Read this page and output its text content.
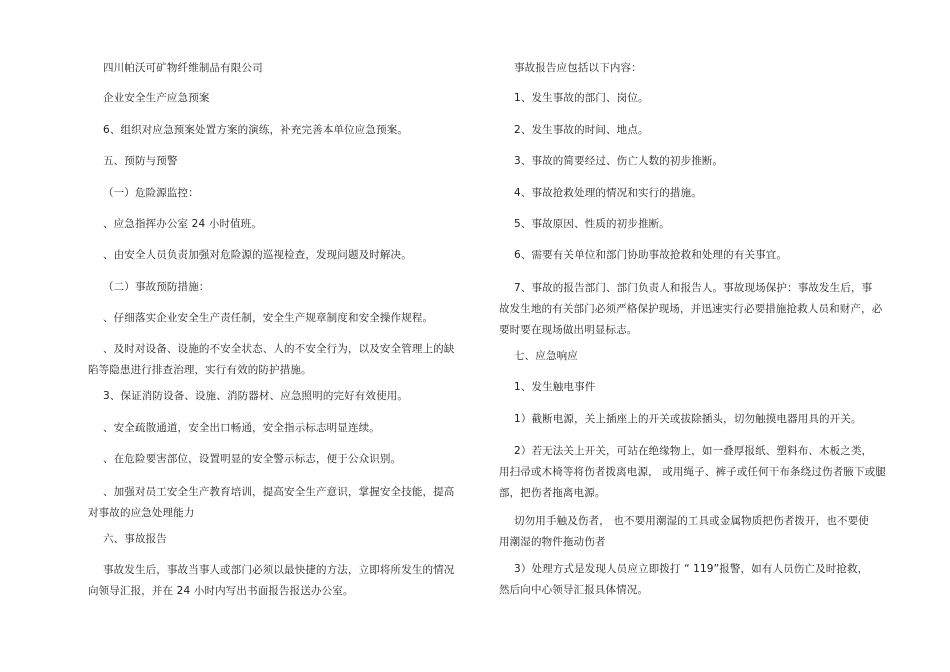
四川帕沃可矿物纤维制品有限公司
企业安全生产应急预案
6、组织对应急预案处置方案的演练，补充完善本单位应急预案。
五、预防与预警
（一）危险源监控：
、应急指挥办公室 24 小时值班。
、由安全人员负责加强对危险源的巡视检查，发现问题及时解决。
（二）事故预防措施：
、仔细落实企业安全生产责任制，安全生产规章制度和安全操作规程。
、及时对设备、设施的不安全状态、人的不安全行为，以及安全管理上的缺
陷等隐患进行排查治理，实行有效的防护措施。
3、保证消防设备、设施、消防器材、应急照明的完好有效使用。
、安全疏散通道，安全出口畅通，安全指示标志明显连续。
、在危险要害部位，设置明显的安全警示标志，便于公众识别。
、加强对员工安全生产教育培训，提高安全生产意识，掌握安全技能，提高
对事故的应急处理能力
六、事故报告
事故发生后，事故当事人或部门必须以最快捷的方法，立即将所发生的情况
向领导汇报，并在 24 小时内写出书面报告报送办公室。
事故报告应包括以下内容：
1、发生事故的部门、岗位。
2、发生事故的时间、地点。
3、事故的简要经过、伤亡人数的初步推断。
4、事故抢救处理的情况和实行的措施。
5、事故原因、性质的初步推断。
6、需要有关单位和部门协助事故抢救和处理的有关事宜。
7、事故的报告部门、部门负责人和报告人。事故现场保护：事故发生后，事
故发生地的有关部门必须严格保护现场，并迅速实行必要措施抢救人员和财产，必
要时要在现场做出明显标志。
七、应急响应
1、发生触电事件
1）截断电源，关上插座上的开关或拔除插头，切勿触摸电器用具的开关。
2）若无法关上开关，可站在绝缘物上，如一叠厚报纸、塑料布、木板之类，
用扫帚或木椅等将伤者拨离电源， 或用绳子、裤子或任何干布条绕过伤者腋下或腿
部，把伤者拖离电源。
切勿用手触及伤者， 也不要用潮湿的工具或金属物质把伤者拨开，也不要使
用潮湿的物件拖动伤者
3）处理方式是发现人员应立即拨打 “ 119”报警，如有人员伤亡及时抢救，
然后向中心领导汇报具体情况。
